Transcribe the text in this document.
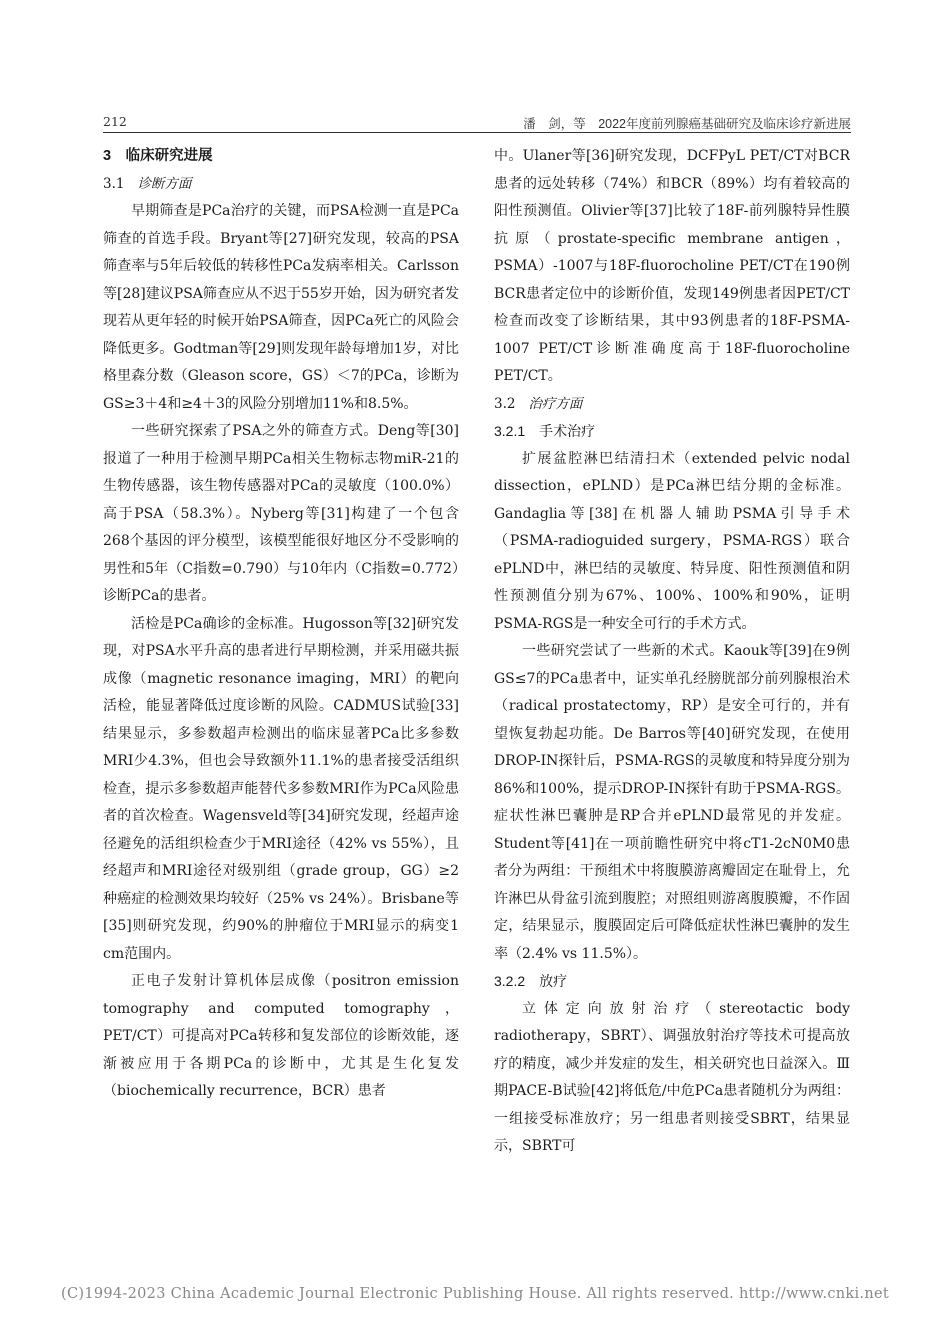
212	潘　剑，等　2022年度前列腺癌基础研究及临床诊疗新进展
3　临床研究进展
3.1 诊断方面

早期筛查是PCa治疗的关键，而PSA检测一直是PCa筛查的首选手段。Bryant等[27]研究发现，较高的PSA筛查率与5年后较低的转移性PCa发病率相关。Carlsson等[28]建议PSA筛查应从不迟于55岁开始，因为研究者发现若从更年轻的时候开始PSA筛查，因PCa死亡的风险会降低更多。Godtman等[29]则发现年龄每增加1岁，对比格里森分数（Gleason score，GS）＜7的PCa，诊断为GS≥3＋4和≥4＋3的风险分别增加11%和8.5%。

一些研究探索了PSA之外的筛查方式。Deng等[30]报道了一种用于检测早期PCa相关生物标志物miR-21的生物传感器，该生物传感器对PCa的灵敏度（100.0%）高于PSA（58.3%）。Nyberg等[31]构建了一个包含268个基因的评分模型，该模型能很好地区分不受影响的男性和5年（C指数=0.790）与10年内（C指数=0.772）诊断PCa的患者。

活检是PCa确诊的金标准。Hugosson等[32]研究发现，对PSA水平升高的患者进行早期检测，并采用磁共振成像（magnetic resonance imaging，MRI）的靶向活检，能显著降低过度诊断的风险。CADMUS试验[33]结果显示，多参数超声检测出的临床显著PCa比多参数MRI少4.3%，但也会导致额外11.1%的患者接受活组织检查，提示多参数超声能替代多参数MRI作为PCa风险患者的首次检查。Wagensveld等[34]研究发现，经超声途径避免的活组织检查少于MRI途径（42% vs 55%），且经超声和MRI途径对级别组（grade group，GG）≥2种癌症的检测效果均较好（25% vs 24%）。Brisbane等[35]则研究发现，约90%的肿瘤位于MRI显示的病变1 cm范围内。

正电子发射计算机体层成像（positron emission tomography and computed tomography，PET/CT）可提高对PCa转移和复发部位的诊断效能，逐渐被应用于各期PCa的诊断中，尤其是生化复发（biochemically recurrence，BCR）患者

中。Ulaner等[36]研究发现，DCFPyL PET/CT对BCR患者的远处转移（74%）和BCR（89%）均有着较高的阳性预测值。Olivier等[37]比较了18F-前列腺特异性膜抗原（prostate-specific membrane antigen，PSMA）-1007与18F-fluorocholine PET/CT在190例BCR患者定位中的诊断价值，发现149例患者因PET/CT检查而改变了诊断结果，其中93例患者的18F-PSMA-1007 PET/CT诊断准确度高于18F-fluorocholine PET/CT。

3.2 治疗方面
3.2.1　手术治疗

扩展盆腔淋巴结清扫术（extended pelvic nodal dissection，ePLND）是PCa淋巴结分期的金标准。Gandaglia等[38]在机器人辅助PSMA引导手术（PSMA-radioguided surgery，PSMA-RGS）联合ePLND中，淋巴结的灵敏度、特异度、阳性预测值和阴性预测值分别为67%、100%、100%和90%，证明PSMA-RGS是一种安全可行的手术方式。

一些研究尝试了一些新的术式。Kaouk等[39]在9例GS≤7的PCa患者中，证实单孔经膀胱部分前列腺根治术（radical prostatectomy，RP）是安全可行的，并有望恢复勃起功能。De Barros等[40]研究发现，在使用DROP-IN探针后，PSMA-RGS的灵敏度和特异度分别为86%和100%，提示DROP-IN探针有助于PSMA-RGS。症状性淋巴囊肿是RP合并ePLND最常见的并发症。Student等[41]在一项前瞻性研究中将cT1-2cN0M0患者分为两组：干预组术中将腹膜游离瓣固定在耻骨上，允许淋巴从骨盆引流到腹腔；对照组则游离腹膜瓣，不作固定，结果显示，腹膜固定后可降低症状性淋巴囊肿的发生率（2.4% vs 11.5%）。

3.2.2　放疗

立体定向放射治疗（stereotactic body radiotherapy，SBRT）、调强放射治疗等技术可提高放疗的精度，减少并发症的发生，相关研究也日益深入。Ⅲ期PACE-B试验[42]将低危/中危PCa患者随机分为两组：一组接受标准放疗；另一组患者则接受SBRT，结果显示，SBRT可

(C)1994-2023 China Academic Journal Electronic Publishing House. All rights reserved. http://www.cnki.net
